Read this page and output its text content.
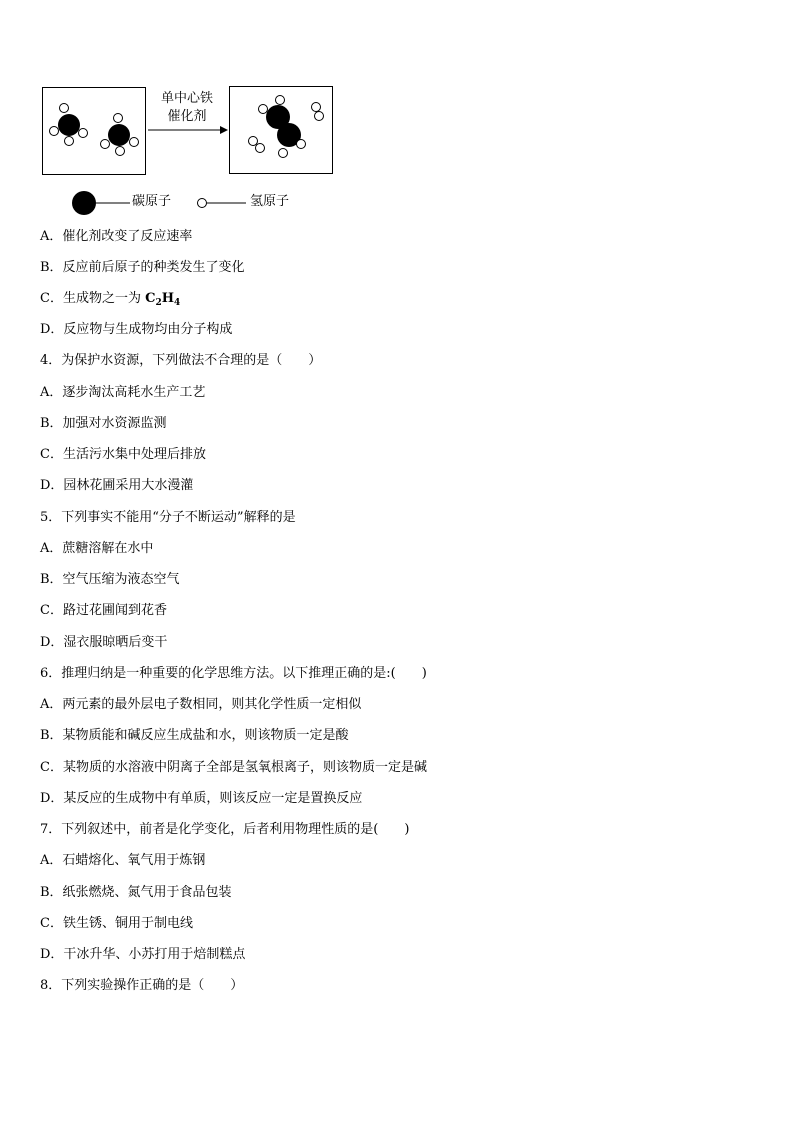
单中心铁
催化剂
碳原子	氢原子
A．催化剂改变了反应速率
B．反应前后原子的种类发生了变化
C．生成物之一为 $C_2H_4$
D．反应物与生成物均由分子构成
4．为保护水资源，下列做法不合理的是（　　）
A．逐步淘汰高耗水生产工艺
B．加强对水资源监测
C．生活污水集中处理后排放
D．园林花圃采用大水漫灌
5．下列事实不能用“分子不断运动”解释的是
A．蔗糖溶解在水中
B．空气压缩为液态空气
C．路过花圃闻到花香
D．湿衣服晾晒后变干
6．推理归纳是一种重要的化学思维方法。以下推理正确的是:(　　)
A．两元素的最外层电子数相同，则其化学性质一定相似
B．某物质能和碱反应生成盐和水，则该物质一定是酸
C．某物质的水溶液中阴离子全部是氢氧根离子，则该物质一定是碱
D．某反应的生成物中有单质，则该反应一定是置换反应
7．下列叙述中，前者是化学变化，后者利用物理性质的是(　　)
A．石蜡熔化、氧气用于炼钢
B．纸张燃烧、氮气用于食品包装
C．铁生锈、铜用于制电线
D．干冰升华、小苏打用于焙制糕点
8．下列实验操作正确的是（　　）
